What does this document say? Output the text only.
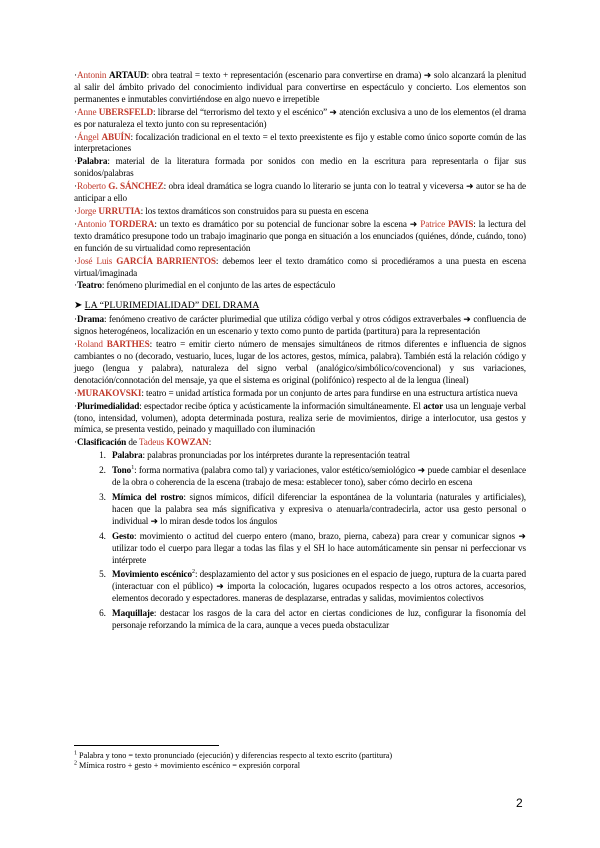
·Antonin ARTAUD: obra teatral = texto + representación (escenario para convertirse en drama) ➜ solo alcanzará la plenitud al salir del ámbito privado del conocimiento individual para convertirse en espectáculo y concierto. Los elementos son permanentes e inmutables convirtiéndose en algo nuevo e irrepetible

·Anne UBERSFELD: librarse del “terrorismo del texto y el escénico” ➜ atención exclusiva a uno de los elementos (el drama es por naturaleza el texto junto con su representación)

·Ángel ABUÍN: focalización tradicional en el texto = el texto preexistente es fijo y estable como único soporte común de las interpretaciones

·Palabra: material de la literatura formada por sonidos con medio en la escritura para representarla o fijar sus sonidos/palabras

·Roberto G. SÁNCHEZ: obra ideal dramática se logra cuando lo literario se junta con lo teatral y viceversa ➜ autor se ha de anticipar a ello

·Jorge URRUTIA: los textos dramáticos son construidos para su puesta en escena

·Antonio TORDERA: un texto es dramático por su potencial de funcionar sobre la escena ➜ Patrice PAVIS: la lectura del texto dramático presupone todo un trabajo imaginario que ponga en situación a los enunciados (quiénes, dónde, cuándo, tono) en función de su virtualidad como representación

·José Luis GARCÍA BARRIENTOS: debemos leer el texto dramático como si procediéramos a una puesta en escena virtual/imaginada

·Teatro: fenómeno plurimedial en el conjunto de las artes de espectáculo

➤ LA “PLURIMEDIALIDAD” DEL DRAMA

·Drama: fenómeno creativo de carácter plurimedial que utiliza código verbal y otros códigos extraverbales ➜ confluencia de signos heterogéneos, localización en un escenario y texto como punto de partida (partitura) para la representación

·Roland BARTHES: teatro = emitir cierto número de mensajes simultáneos de ritmos diferentes e influencia de signos cambiantes o no (decorado, vestuario, luces, lugar de los actores, gestos, mímica, palabra). También está la relación código y juego (lengua y palabra), naturaleza del signo verbal (analógico/simbólico/covencional) y sus variaciones, denotación/connotación del mensaje, ya que el sistema es original (polifónico) respecto al de la lengua (lineal)

·MURAKOVSKI: teatro = unidad artística formada por un conjunto de artes para fundirse en una estructura artística nueva

·Plurimedialidad: espectador recibe óptica y acústicamente la información simultáneamente. El actor usa un lenguaje verbal (tono, intensidad, volumen), adopta determinada postura, realiza serie de movimientos, dirige a interlocutor, usa gestos y mímica, se presenta vestido, peinado y maquillado con iluminación

·Clasificación de Tadeus KOWZAN:

1. Palabra: palabras pronunciadas por los intérpretes durante la representación teatral
2. Tono$^1$: forma normativa (palabra como tal) y variaciones, valor estético/semiológico ➜ puede cambiar el desenlace de la obra o coherencia de la escena (trabajo de mesa: establecer tono), saber cómo decirlo en escena
3. Mímica del rostro: signos mímicos, difícil diferenciar la espontánea de la voluntaria (naturales y artificiales), hacen que la palabra sea más significativa y expresiva o atenuarla/contradecirla, actor usa gesto personal o individual ➜ lo miran desde todos los ángulos
4. Gesto: movimiento o actitud del cuerpo entero (mano, brazo, pierna, cabeza) para crear y comunicar signos ➜ utilizar todo el cuerpo para llegar a todas las filas y el SH lo hace automáticamente sin pensar ni perfeccionar vs intérprete
5. Movimiento escénico$^2$: desplazamiento del actor y sus posiciones en el espacio de juego, ruptura de la cuarta pared (interactuar con el público) ➜ importa la colocación, lugares ocupados respecto a los otros actores, accesorios, elementos decorado y espectadores. maneras de desplazarse, entradas y salidas, movimientos colectivos
6. Maquillaje: destacar los rasgos de la cara del actor en ciertas condiciones de luz, configurar la fisonomía del personaje reforzando la mímica de la cara, aunque a veces pueda obstaculizar

$^1$ Palabra y tono = texto pronunciado (ejecución) y diferencias respecto al texto escrito (partitura)

$^2$ Mímica rostro + gesto + movimiento escénico = expresión corporal

2
